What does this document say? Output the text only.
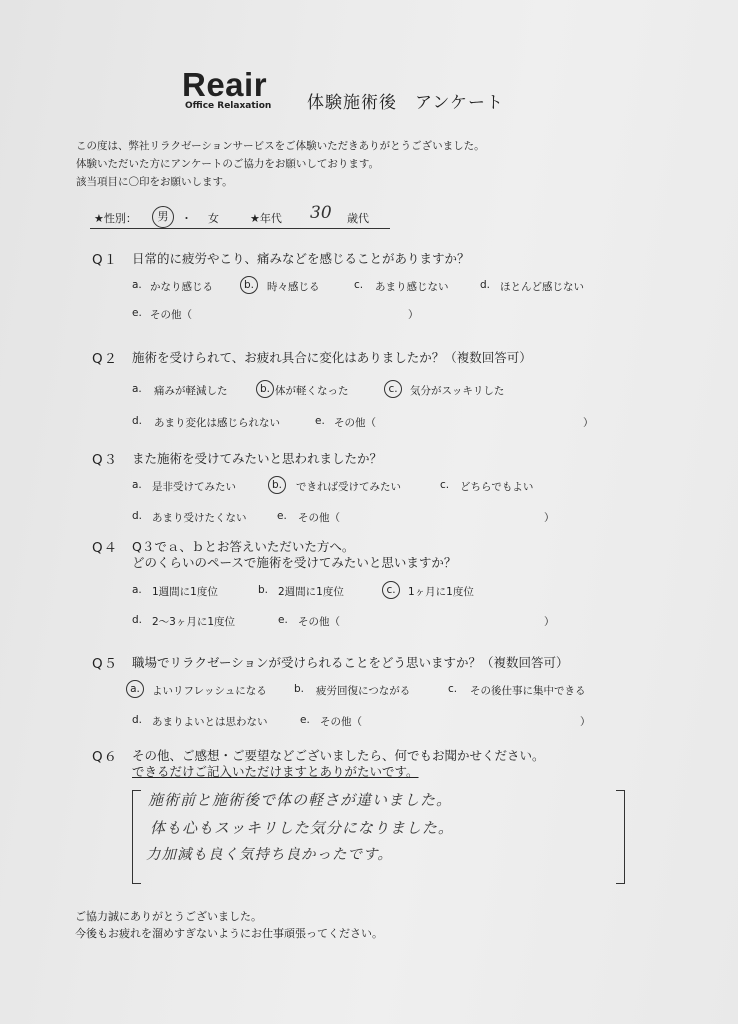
Reair
Office Relaxation 体験施術後　アンケート
この度は、弊社リラクゼーションサービスをご体験いただきありがとうございました。
体験いただいた方にアンケートのご協力をお願いしております。
該当項目に〇印をお願いします。
★性別：	男	・ 女	★年代 30 歳代
Q１ 日常的に疲労やこり、痛みなどを感じることがありますか？
a. かなり感じる	b.	時々感じる	c. あまり感じない	d. ほとんど感じない
e. その他（	）
Q２ 施術を受けられて、お疲れ具合に変化はありましたか？（複数回答可）
a. 痛みが軽減した	b. 体が軽くなった	c.	気分がスッキリした
d. あまり変化は感じられない	e. その他（	）
Q３ また施術を受けてみたいと思われましたか？
a. 是非受けてみたい	b.	できれば受けてみたい	c. どちらでもよい
d. あまり受けたくない	e. その他（	）
Q４ Q３でａ、ｂとお答えいただいた方へ。
どのくらいのペースで施術を受けてみたいと思いますか？
a. 1週間に1度位	b. 2週間に1度位	c.	1ヶ月に1度位
d. 2～3ヶ月に1度位	e. その他（	）
Q５ 職場でリラクゼーションが受けられることをどう思いますか？（複数回答可）
a.	よいリフレッシュになる	b. 疲労回復につながる	c. その後仕事に集中できる
d. あまりよいとは思わない	e. その他（	）
Q６ その他、ご感想・ご要望などございましたら、何でもお聞かせください。
できるだけご記入いただけますとありがたいです。
施術前と施術後で体の軽さが違いました。
体も心もスッキリした気分になりました。
力加減も良く気持ち良かったです。
ご協力誠にありがとうございました。
今後もお疲れを溜めすぎないようにお仕事頑張ってください。
